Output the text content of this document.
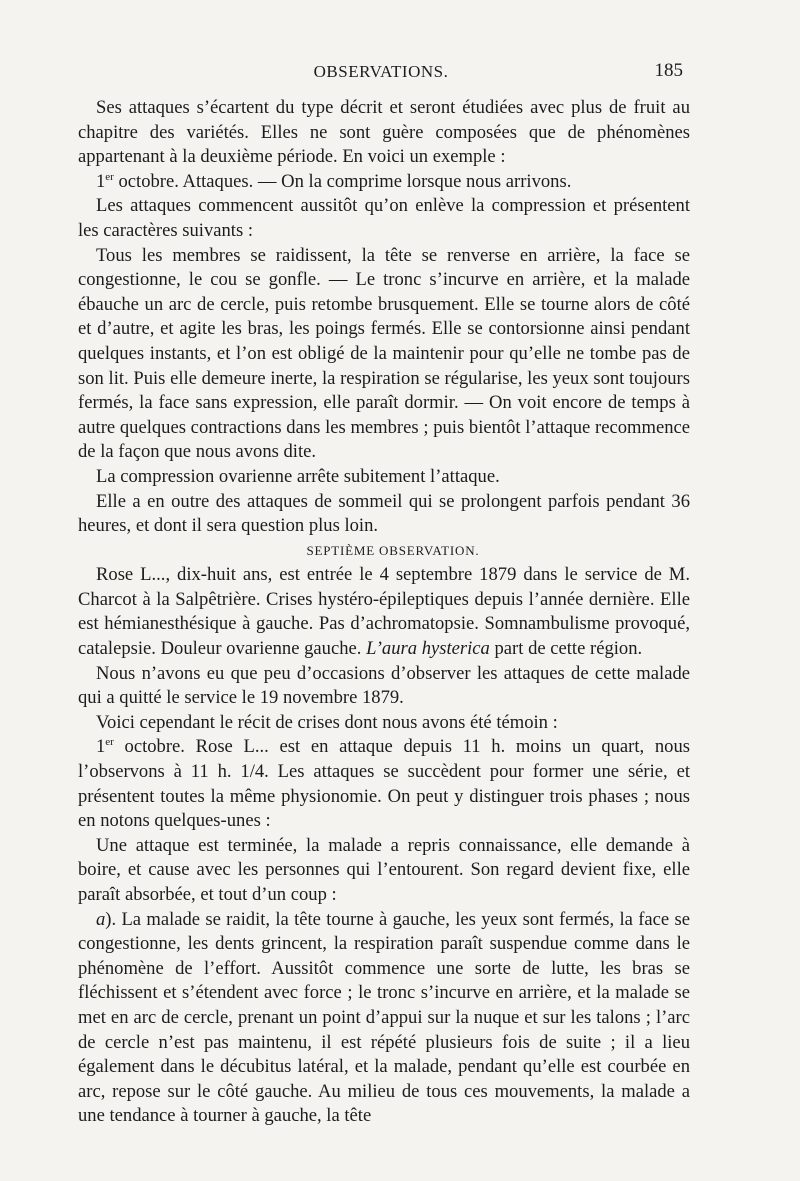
OBSERVATIONS.	185

Ses attaques s’écartent du type décrit et seront étudiées avec plus de fruit au chapitre des variétés. Elles ne sont guère composées que de phénomènes appartenant à la deuxième période. En voici un exemple :

1er octobre. Attaques. — On la comprime lorsque nous arrivons.

Les attaques commencent aussitôt qu’on enlève la compression et présentent les caractères suivants :

Tous les membres se raidissent, la tête se renverse en arrière, la face se congestionne, le cou se gonfle. — Le tronc s’incurve en arrière, et la malade ébauche un arc de cercle, puis retombe brusquement. Elle se tourne alors de côté et d’autre, et agite les bras, les poings fermés. Elle se contorsionne ainsi pendant quelques instants, et l’on est obligé de la maintenir pour qu’elle ne tombe pas de son lit. Puis elle demeure inerte, la respiration se régularise, les yeux sont toujours fermés, la face sans expression, elle paraît dormir. — On voit encore de temps à autre quelques contractions dans les membres ; puis bientôt l’attaque recommence de la façon que nous avons dite.

La compression ovarienne arrête subitement l’attaque.

Elle a en outre des attaques de sommeil qui se prolongent parfois pendant 36 heures, et dont il sera question plus loin.

SEPTIÈME OBSERVATION.

Rose L..., dix-huit ans, est entrée le 4 septembre 1879 dans le service de M. Charcot à la Salpêtrière. Crises hystéro-épileptiques depuis l’année dernière. Elle est hémianesthésique à gauche. Pas d’achromatopsie. Somnambulisme provoqué, catalepsie. Douleur ovarienne gauche. L’aura hysterica part de cette région.

Nous n’avons eu que peu d’occasions d’observer les attaques de cette malade qui a quitté le service le 19 novembre 1879.

Voici cependant le récit de crises dont nous avons été témoin :

1er octobre. Rose L... est en attaque depuis 11 h. moins un quart, nous l’observons à 11 h. 1/4. Les attaques se succèdent pour former une série, et présentent toutes la même physionomie. On peut y distinguer trois phases ; nous en notons quelques-unes :

Une attaque est terminée, la malade a repris connaissance, elle demande à boire, et cause avec les personnes qui l’entourent. Son regard devient fixe, elle paraît absorbée, et tout d’un coup :

a). La malade se raidit, la tête tourne à gauche, les yeux sont fermés, la face se congestionne, les dents grincent, la respiration paraît suspendue comme dans le phénomène de l’effort. Aussitôt commence une sorte de lutte, les bras se fléchissent et s’étendent avec force ; le tronc s’incurve en arrière, et la malade se met en arc de cercle, prenant un point d’appui sur la nuque et sur les talons ; l’arc de cercle n’est pas maintenu, il est répété plusieurs fois de suite ; il a lieu également dans le décubitus latéral, et la malade, pendant qu’elle est courbée en arc, repose sur le côté gauche. Au milieu de tous ces mouvements, la malade a une tendance à tourner à gauche, la tête
